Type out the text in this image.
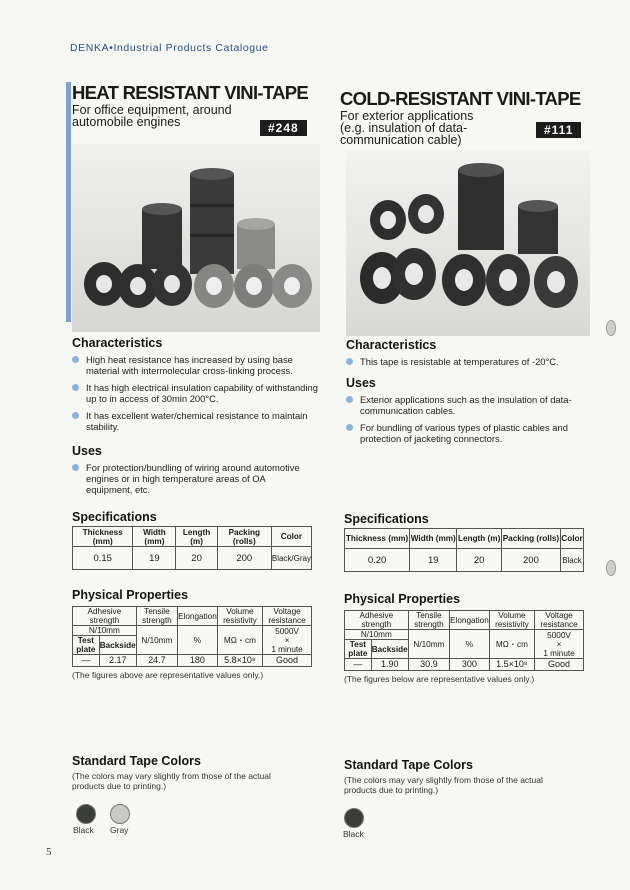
DENKA•Industrial Products Catalogue
HEAT RESISTANT VINI-TAPE
For office equipment, around
automobile engines	#248
Characteristics
High heat resistance has increased by using base material with intermolecular cross-linking process.
It has high electrical insulation capability of withstanding up to in access of 30min 200°C.
It has excellent water/chemical resistance to maintain stability.
Uses
For protection/bundling of wiring around automotive engines or in high temperature areas of OA equipment, etc.
Specifications
Thickness (mm)	Width (mm)	Length (m)	Packing (rolls)	Color
0.15	19	20	200	Black/Gray
Physical Properties
Adhesive strength		Tensile strength	Elongation	Volume resistivity	Voltage resistance
N/10mm		N/10mm	%	MΩ・cm	5000V
×
1 minute

Test plate	Backside				
—	2.17	24.7	180	5.8×10⁸	Good
(The figures above are representative values only.)
Standard Tape Colors
(The colors may vary slightly from those of the actual
products due to printing.)
Black Gray
COLD-RESISTANT VINI-TAPE
For exterior applications
(e.g. insulation of data-
communication cable)
#111
Characteristics
This tape is resistable at temperatures of -20°C.
Uses
Exterior applications such as the insulation of data-communication cables.
For bundling of various types of plastic cables and protection of jacketing connectors.
Specifications
Thickness (mm)	Width (mm)	Length (m)	Packing (rolls)	Color
0.20	19	20	200	Black
Physical Properties
Adhesive strength		Tensile strength	Elongation	Volume resistivity	Voltage resistance
N/10mm		N/10mm	%	MΩ・cm	5000V
×
1 minute

Test plate	Backside				
—	1.90	30.9	300	1.5×10⁸	Good
(The figures below are representative values only.)
Standard Tape Colors
(The colors may vary slightly from those of the actual
products due to printing.)
Black
5
